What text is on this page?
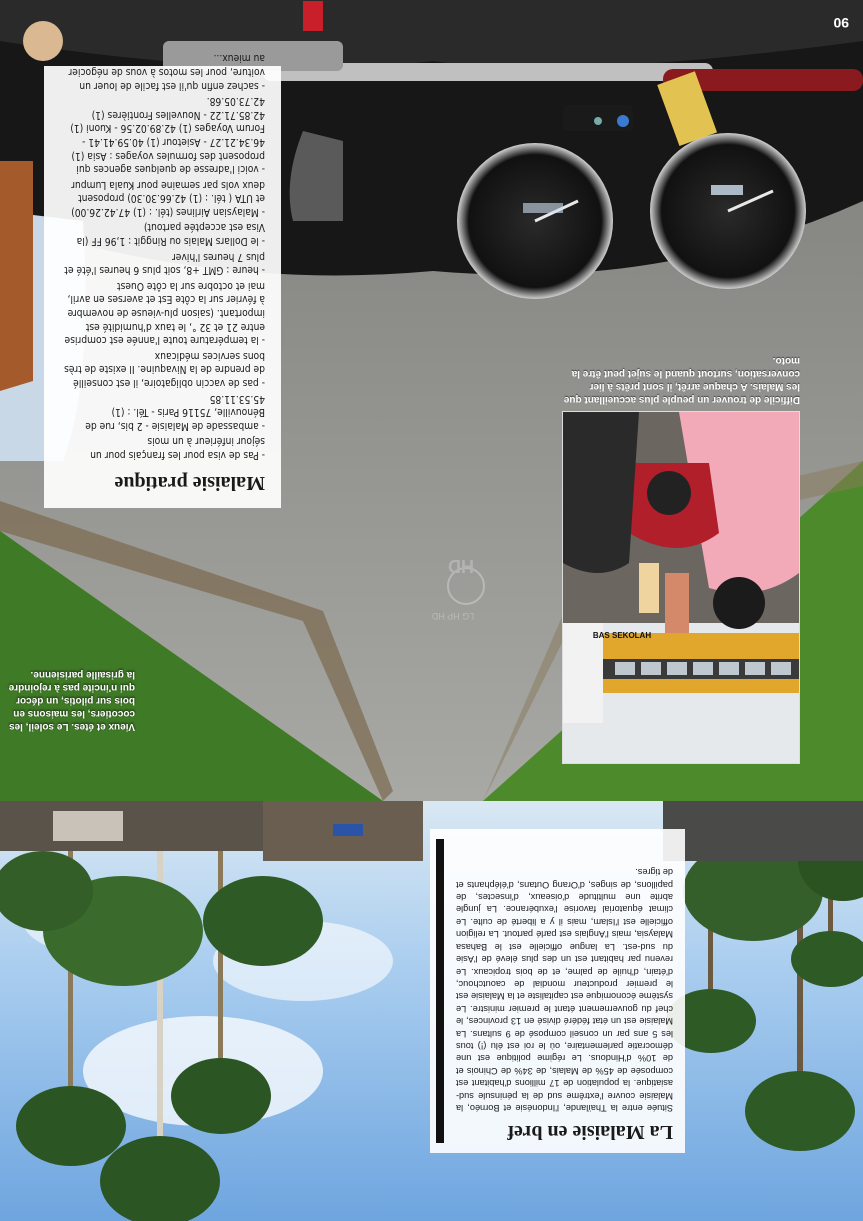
BAS SEKOLAH
Malaisie pratique
- Pas de visa pour les français pour un séjour inférieur à un mois
- ambassade de Malaisie - 2 bis, rue de Bénouville, 75116 Paris - Tél. : (1) 45.53.11.85
- pas de vaccin obligatoire, il est conseillé de prendre de la Nivaquine. Il existe de très bons services médicaux
- la température toute l'année est comprise entre 21 et 32 °, le taux d'humidité est important. (saison plu-vieuse de novembre à février sur la côte Est et averses en avril, mai et octobre sur la côte Ouest
- heure : GMT +8, soit plus 6 heures l'été et plus 7 heures l'hiver
- le Dollars Malais ou Ringgit : 1,96 FF (la Visa est acceptée partout)
- Malaysian Airlines (tél. : (1) 47.42.26.00) et UTA ( tél. : (1) 42.66.30.30) proposent deux vols par semaine pour Kuala Lumpur
- voici l'adresse de quelques agences qui proposent des formules voyages : Asia (1) 46.34.21.27 - Asietour (1) 40.59.41.41 - Forum Voyages (1) 42.89.02.56 - Kuoni (1) 42.85.71.22 - Nouvelles Frontières (1) 42.73.05.68.
- sachez enfin qu'il est facile de louer un voiture, pour les motos à vous de négocier au mieux...
La Malaisie en bref

Située entre la Thaïlande, l'Indonésie et Bornéo, la Malaisie couvre l'extrême sud de la péninsule sud-asiatique. la population de 17 millions d'habitant est composée de 45% de Malais, de 34% de Chinois et de 10% d'Hindous. Le régime politique est une démocratie parlementaire, où le roi est élu (!) tous les 5 ans par un conseil composé de 9 sultans. La Malaisie est un état fédéré divisé en 13 provinces, le chef du gouvernement étant le premier ministre. Le système économique est capitaliste et la Malaisie est le premier producteur mondial de caoutchouc, d'étain, d'huile de palme, et de bois tropicaux. Le revenu par habitant est un des plus élevé de l'Asie du sud-est. La langue officielle est le Bahasa Malaysia, mais l'Anglais est parlé partout. La religion officielle est l'Islam, mais il y a liberté de culte. Le climat équatorial favorise l'exubérance. La jungle abrite une multitude d'oiseaux, d'insectes, de papillons, de singes, d'Orang Outans, d'éléphants et de tigres.

Difficile de trouver un peuple plus accueillant que les Malais. A chaque arrêt, il sont prêts à lier conversation, surtout quand le sujet peut être la moto.
Vieux et étes. Le soleil, les cocotiers, les maisons en bois sur pilotis, un décor qui n'incite pas à rejoindre la grisaille parisienne.
HD
LG HP HD
90
